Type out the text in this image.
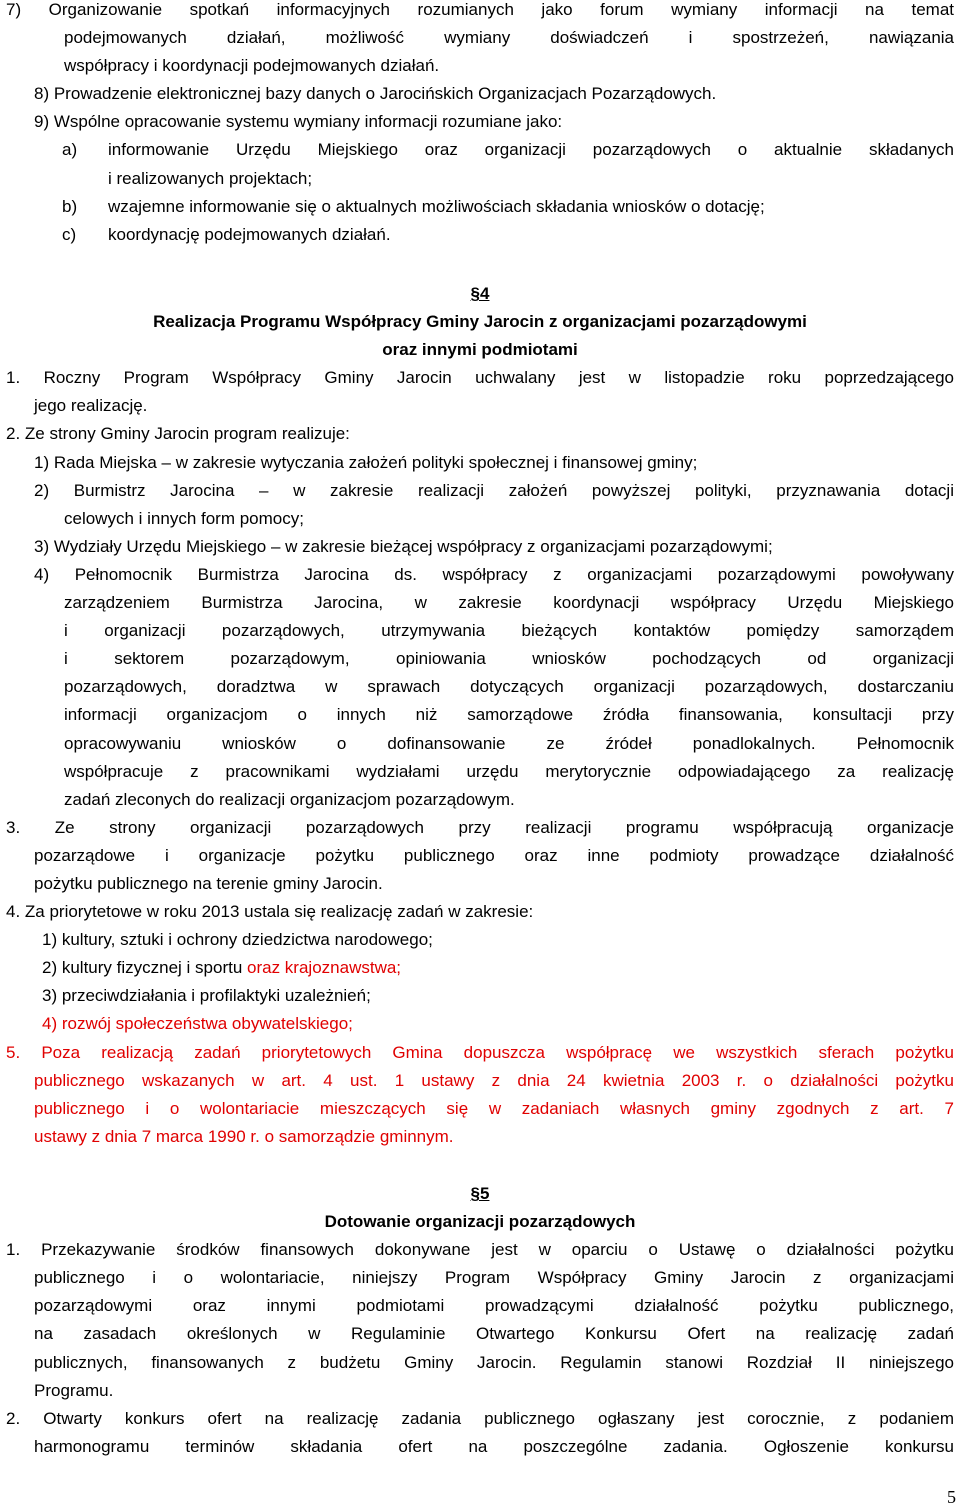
7) Organizowanie spotkań informacyjnych rozumianych jako forum wymiany informacji na temat

podejmowanych działań, możliwość wymiany doświadczeń i spostrzeżeń, nawiązania

współpracy i koordynacji podejmowanych działań.

8) Prowadzenie elektronicznej bazy danych o Jarocińskich Organizacjach Pozarządowych.

9) Wspólne opracowanie systemu wymiany informacji rozumiane jako:

a) informowanie Urzędu Miejskiego oraz organizacji pozarządowych o aktualnie składanych

i realizowanych projektach;

b) wzajemne informowanie się o aktualnych możliwościach składania wniosków o dotację;

c) koordynację podejmowanych działań.

§4

Realizacja Programu Współpracy Gminy Jarocin z organizacjami pozarządowymi

oraz innymi podmiotami

1. Roczny Program Współpracy Gminy Jarocin uchwalany jest w listopadzie roku poprzedzającego

jego realizację.

2. Ze strony Gminy Jarocin program realizuje:

1) Rada Miejska – w zakresie wytyczania założeń polityki społecznej i finansowej gminy;

2) Burmistrz Jarocina – w zakresie realizacji założeń powyższej polityki, przyznawania dotacji

celowych i innych form pomocy;

3) Wydziały Urzędu Miejskiego – w zakresie bieżącej współpracy z organizacjami pozarządowymi;

4) Pełnomocnik Burmistrza Jarocina ds. współpracy z organizacjami pozarządowymi powoływany

zarządzeniem Burmistrza Jarocina, w zakresie koordynacji współpracy Urzędu Miejskiego

i organizacji pozarządowych, utrzymywania bieżących kontaktów pomiędzy samorządem

i sektorem pozarządowym, opiniowania wniosków pochodzących od organizacji

pozarządowych, doradztwa w sprawach dotyczących organizacji pozarządowych, dostarczaniu

informacji organizacjom o innych niż samorządowe źródła finansowania, konsultacji przy

opracowywaniu wniosków o dofinansowanie ze źródeł ponadlokalnych. Pełnomocnik

współpracuje z pracownikami wydziałami urzędu merytorycznie odpowiadającego za realizację

zadań zleconych do realizacji organizacjom pozarządowym.

3. Ze strony organizacji pozarządowych przy realizacji programu współpracują organizacje

pozarządowe i organizacje pożytku publicznego oraz inne podmioty prowadzące działalność

pożytku publicznego na terenie gminy Jarocin.

4. Za priorytetowe w roku 2013 ustala się realizację zadań w zakresie:

1) kultury, sztuki i ochrony dziedzictwa narodowego;

2) kultury fizycznej i sportu oraz krajoznawstwa;

3) przeciwdziałania i profilaktyki uzależnień;

4) rozwój społeczeństwa obywatelskiego;

5. Poza realizacją zadań priorytetowych Gmina dopuszcza współpracę we wszystkich sferach pożytku

publicznego wskazanych w art. 4 ust. 1 ustawy z dnia 24 kwietnia 2003 r. o działalności pożytku

publicznego i o wolontariacie mieszczących się w zadaniach własnych gminy zgodnych z art. 7

ustawy z dnia 7 marca 1990 r. o samorządzie gminnym.

§5

Dotowanie organizacji pozarządowych

1. Przekazywanie środków finansowych dokonywane jest w oparciu o Ustawę o działalności pożytku

publicznego i o wolontariacie, niniejszy Program Współpracy Gminy Jarocin z organizacjami

pozarządowymi oraz innymi podmiotami prowadzącymi działalność pożytku publicznego,

na zasadach określonych w Regulaminie Otwartego Konkursu Ofert na realizację zadań

publicznych, finansowanych z budżetu Gminy Jarocin. Regulamin stanowi Rozdział II niniejszego

Programu.

2. Otwarty konkurs ofert na realizację zadania publicznego ogłaszany jest corocznie, z podaniem

harmonogramu terminów składania ofert na poszczególne zadania. Ogłoszenie konkursu

5
